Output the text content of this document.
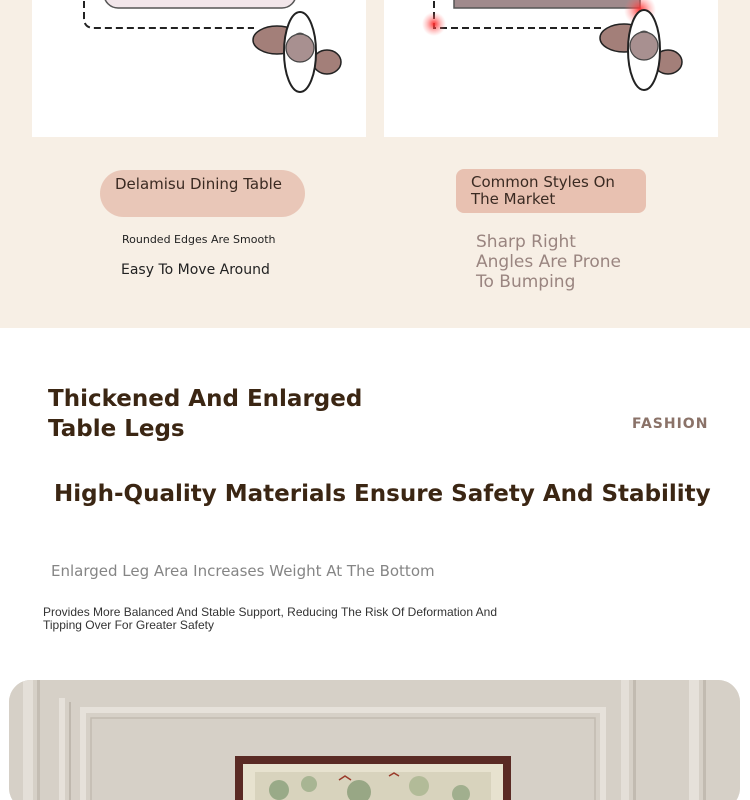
Delamisu Dining Table	Common Styles On The Market
Rounded Edges Are Smooth
Easy To Move Around
Sharp Right Angles Are Prone To Bumping
Thickened And Enlarged Table Legs	FASHION
High-Quality Materials Ensure Safety And Stability
Enlarged Leg Area Increases Weight At The Bottom
Provides More Balanced And Stable Support, Reducing The Risk Of Deformation And Tipping Over For Greater Safety
